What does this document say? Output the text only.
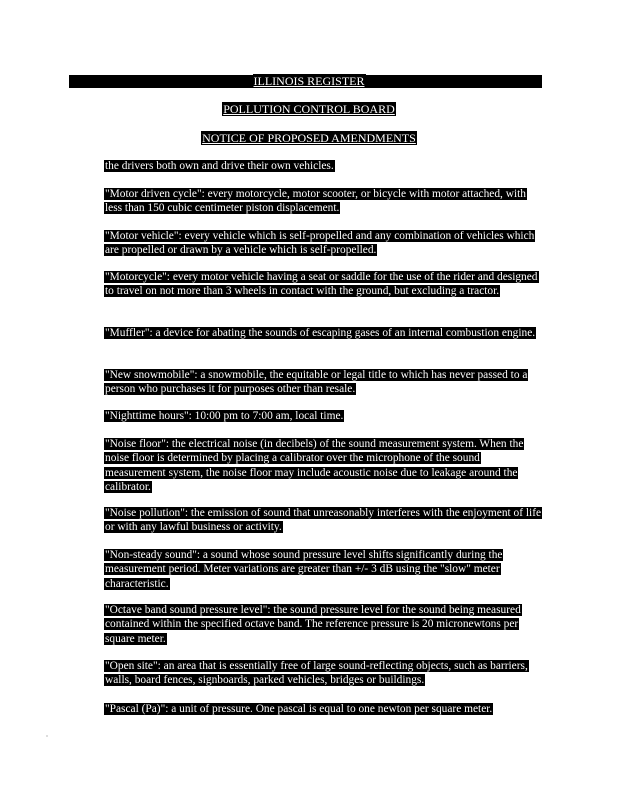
ILLINOIS REGISTER
POLLUTION CONTROL BOARD
NOTICE OF PROPOSED AMENDMENTS

the drivers both own and drive their own vehicles.

"Motor driven cycle": every motorcycle, motor scooter, or bicycle with motor attached, with less than 150 cubic centimeter piston displacement.

"Motor vehicle": every vehicle which is self-propelled and any combination of vehicles which are propelled or drawn by a vehicle which is self-propelled.

"Motorcycle": every motor vehicle having a seat or saddle for the use of the rider and designed to travel on not more than 3 wheels in contact with the ground, but excluding a tractor.

"Muffler": a device for abating the sounds of escaping gases of an internal combustion engine.

"New snowmobile": a snowmobile, the equitable or legal title to which has never passed to a person who purchases it for purposes other than resale.

"Nighttime hours": 10:00 pm to 7:00 am, local time.

"Noise floor": the electrical noise (in decibels) of the sound measurement system. When the noise floor is determined by placing a calibrator over the microphone of the sound measurement system, the noise floor may include acoustic noise due to leakage around the calibrator.

"Noise pollution": the emission of sound that unreasonably interferes with the enjoyment of life or with any lawful business or activity.

"Non-steady sound": a sound whose sound pressure level shifts significantly during the measurement period. Meter variations are greater than +/- 3 dB using the "slow" meter characteristic.

"Octave band sound pressure level": the sound pressure level for the sound being measured contained within the specified octave band. The reference pressure is 20 micronewtons per square meter.

"Open site": an area that is essentially free of large sound-reflecting objects, such as barriers, walls, board fences, signboards, parked vehicles, bridges or buildings.

"Pascal (Pa)": a unit of pressure. One pascal is equal to one newton per square meter.
